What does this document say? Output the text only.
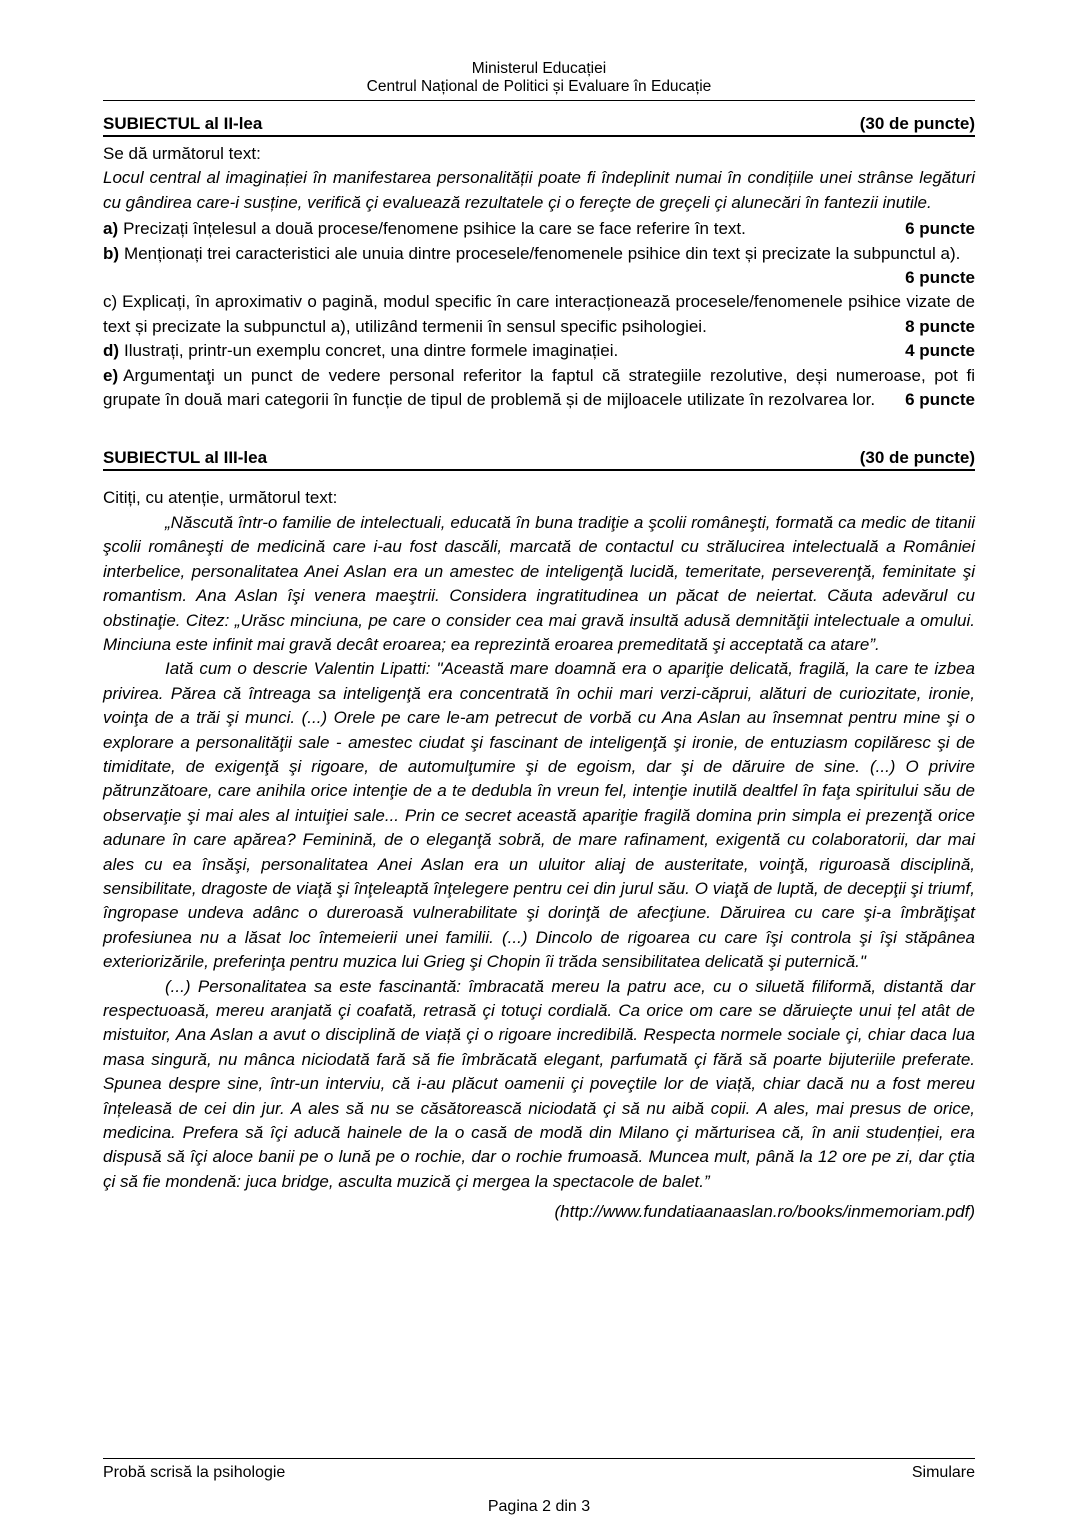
Ministerul Educației
Centrul Național de Politici și Evaluare în Educație
SUBIECTUL al II-lea	(30 de puncte)
Se dă următorul text:

Locul central al imaginației în manifestarea personalității poate fi îndeplinit numai în condițiile unei strânse legături cu gândirea care-i susține, verifică çi evaluează rezultatele çi o fereçte de greçeli çi alunecări în fantezii inutile.

a) Precizați înțelesul a două procese/fenomene psihice la care se face referire în text.	6 puncte
b) Menționați trei caracteristici ale unuia dintre procesele/fenomenele psihice din text și precizate la subpunctul a).
6 puncte
c) Explicați, în aproximativ o pagină, modul specific în care interacționează procesele/fenomenele psihice vizate de text și precizate la subpunctul a), utilizând termenii în sensul specific psihologiei.	8 puncte
d) Ilustrați, printr-un exemplu concret, una dintre formele imaginației.	4 puncte
e) Argumentaţi un punct de vedere personal referitor la faptul că strategiile rezolutive, deși numeroase, pot fi grupate în două mari categorii în funcție de tipul de problemă și de mijloacele utilizate în rezolvarea lor. 6 puncte
SUBIECTUL al III-lea	(30 de puncte)
Citiți, cu atenție, următorul text:

„Născută într-o familie de intelectuali, educată în buna tradiţie a şcolii româneşti, formată ca medic de titanii şcolii româneşti de medicină care i-au fost dascăli, marcată de contactul cu strălucirea intelectuală a României interbelice, personalitatea Anei Aslan era un amestec de inteligenţă lucidă, temeritate, perseverenţă, feminitate şi romantism. Ana Aslan îşi venera maeştrii. Considera ingratitudinea un păcat de neiertat. Căuta adevărul cu obstinaţie. Citez: „Urăsc minciuna, pe care o consider cea mai gravă insultă adusă demnităţii intelectuale a omului. Minciuna este infinit mai gravă decât eroarea; ea reprezintă eroarea premeditată şi acceptată ca atare”.

Iată cum o descrie Valentin Lipatti: "Această mare doamnă era o apariţie delicată, fragilă, la care te izbea privirea. Părea că întreaga sa inteligenţă era concentrată în ochii mari verzi-căprui, alături de curiozitate, ironie, voinţa de a trăi şi munci. (...) Orele pe care le-am petrecut de vorbă cu Ana Aslan au însemnat pentru mine şi o explorare a personalităţii sale - amestec ciudat şi fascinant de inteligenţă şi ironie, de entuziasm copilăresc şi de timiditate, de exigenţă şi rigoare, de automulţumire şi de egoism, dar şi de dăruire de sine. (...) O privire pătrunzătoare, care anihila orice intenţie de a te dedubla în vreun fel, intenţie inutilă dealtfel în faţa spiritului său de observaţie şi mai ales al intuiţiei sale... Prin ce secret această apariţie fragilă domina prin simpla ei prezenţă orice adunare în care apărea? Feminină, de o eleganţă sobră, de mare rafinament, exigentă cu colaboratorii, dar mai ales cu ea însăşi, personalitatea Anei Aslan era un uluitor aliaj de austeritate, voinţă, riguroasă disciplină, sensibilitate, dragoste de viaţă şi înţeleaptă înţelegere pentru cei din jurul său. O viaţă de luptă, de decepţii şi triumf, îngropase undeva adânc o dureroasă vulnerabilitate şi dorinţă de afecţiune. Dăruirea cu care şi-a îmbrăţişat profesiunea nu a lăsat loc întemeierii unei familii. (...) Dincolo de rigoarea cu care îşi controla şi îşi stăpânea exteriorizările, preferinţa pentru muzica lui Grieg şi Chopin îi trăda sensibilitatea delicată şi puternică."

(...) Personalitatea sa este fascinantă: îmbracată mereu la patru ace, cu o siluetă filiformă, distantă dar respectuoasă, mereu aranjată çi coafată, retrasă çi totuçi cordială. Ca orice om care se dăruieçte unui țel atât de mistuitor, Ana Aslan a avut o disciplină de viață çi o rigoare incredibilă. Respecta normele sociale çi, chiar daca lua masa singură, nu mânca niciodată fară să fie îmbrăcată elegant, parfumată çi fără să poarte bijuteriile preferate. Spunea despre sine, într-un interviu, că i-au plăcut oamenii çi poveçtile lor de viață, chiar dacă nu a fost mereu înțeleasă de cei din jur. A ales să nu se căsătorească niciodată çi să nu aibă copii. A ales, mai presus de orice, medicina. Prefera să îçi aducă hainele de la o casă de modă din Milano çi mărturisea că, în anii studenției, era dispusă să îçi aloce banii pe o lună pe o rochie, dar o rochie frumoasă. Muncea mult, până la 12 ore pe zi, dar çtia çi să fie mondenă: juca bridge, asculta muzică çi mergea la spectacole de balet.”

(http://www.fundatiaanaaslan.ro/books/inmemoriam.pdf)
Probă scrisă la psihologie	Simulare
Pagina 2 din 3
